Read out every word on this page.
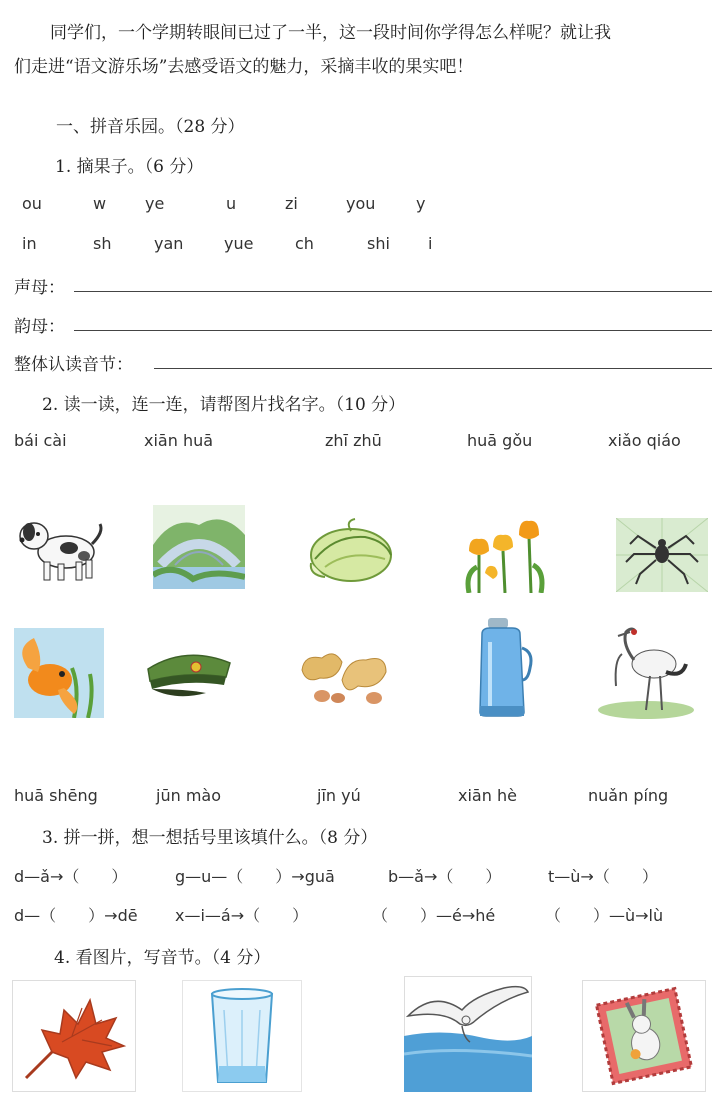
同学们，一个学期转眼间已过了一半，这一段时间你学得怎么样呢？就让我
们走进“语文游乐场”去感受语文的魅力，采摘丰收的果实吧！
一、拼音乐园。（28 分）
1. 摘果子。（6 分）
ou	w ye	u	zi	you	y
in	sh	yan	yue	ch	shi i
声母：
韵母：
整体认读音节：
2. 读一读，连一连，请帮图片找名字。（10 分）
bái cài	xiān huā	zhī zhū	huā gǒu	xiǎo qiáo
huā shēng	jūn mào	jīn yú	xiān hè	nuǎn píng
3. 拼一拼，想一想括号里该填什么。（8 分）
d—ǎ→（　　）	g—u—（　　）→guā	b—ǎ→（　　）	t—ù→（　　）
d—（　　）→dē x—i—á→（　　）	（　　）—é→hé	（　　）—ù→lù
4. 看图片，写音节。（4 分）
